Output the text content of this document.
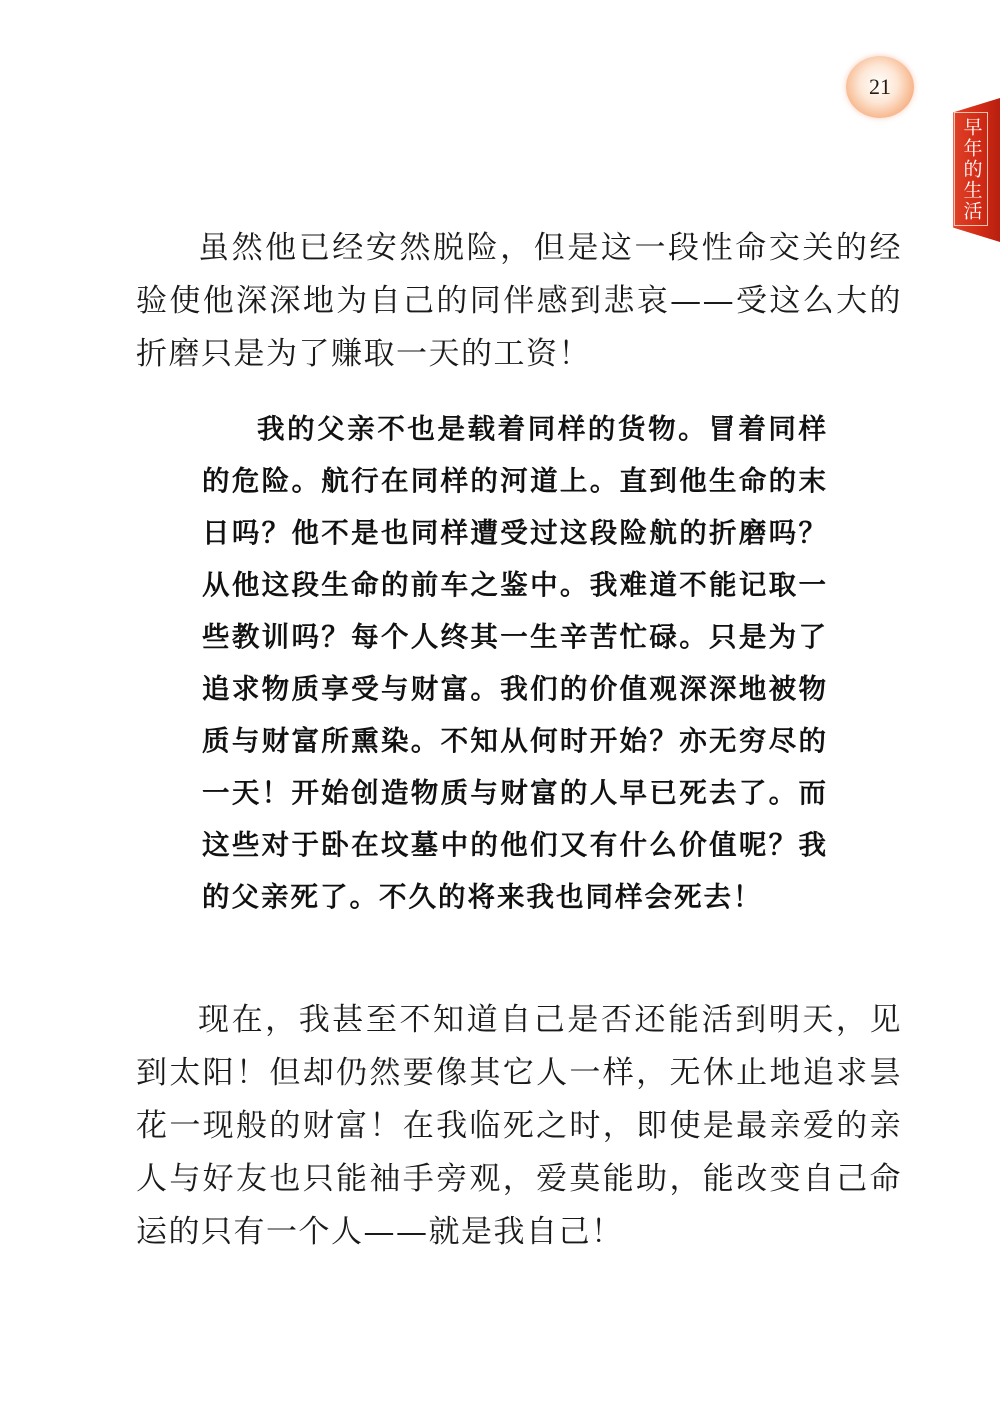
21
早年的生活

虽然他已经安然脱险，但是这一段性命交关的经验使他深深地为自己的同伴感到悲哀——受这么大的折磨只是为了赚取一天的工资！

我的父亲不也是载着同样的货物。冒着同样的危险。航行在同样的河道上。直到他生命的末日吗？他不是也同样遭受过这段险航的折磨吗？从他这段生命的前车之鉴中。我难道不能记取一些教训吗？每个人终其一生辛苦忙碌。只是为了追求物质享受与财富。我们的价值观深深地被物质与财富所熏染。不知从何时开始？亦无穷尽的一天！开始创造物质与财富的人早已死去了。而这些对于卧在坟墓中的他们又有什么价值呢？我的父亲死了。不久的将来我也同样会死去！

现在，我甚至不知道自己是否还能活到明天，见到太阳！但却仍然要像其它人一样，无休止地追求昙花一现般的财富！在我临死之时，即使是最亲爱的亲人与好友也只能袖手旁观，爱莫能助，能改变自己命运的只有一个人——就是我自己！
